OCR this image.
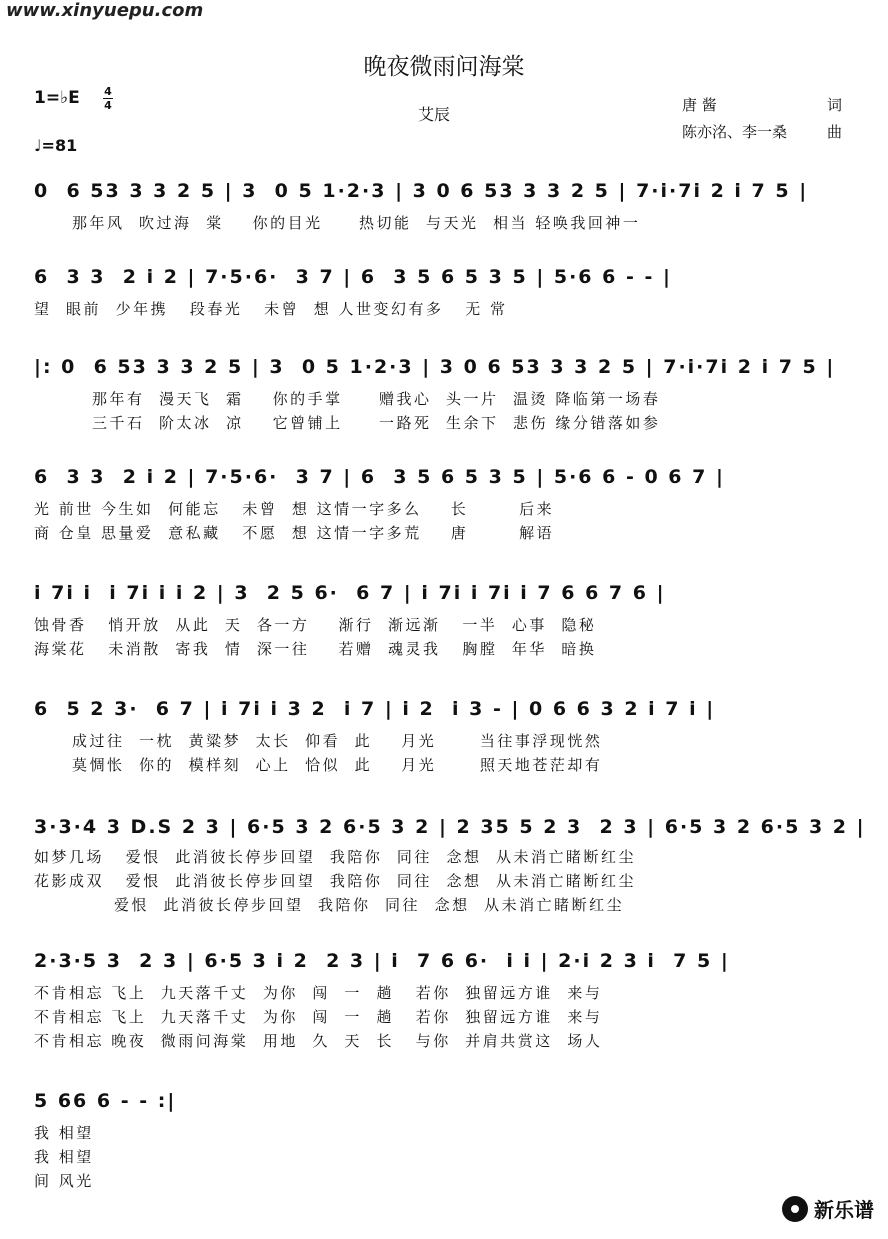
www.xinyuepu.com
晚夜微雨问海棠
1=♭E 4
4
♩=81
艾辰	唐 酱	词
陈亦洺、李一桑	曲
0  6 53 3 3 2 5 | 3  0 5 1·2·3 | 3 0 6 53 3 3 2 5 | 7·i·7i 2 i 7 5 |
那年风  吹过海  棠    你的目光     热切能  与天光  相当 轻唤我回神一
6  3 3  2 i 2 | 7·5·6·  3 7 | 6  3 5 6 5 3 5 | 5·6 6 - - |
望  眼前  少年携   段春光   未曾  想 人世变幻有多   无 常
|: 0  6 53 3 3 2 5 | 3  0 5 1·2·3 | 3 0 6 53 3 3 2 5 | 7·i·7i 2 i 7 5 |
那年有  漫天飞  霜    你的手掌     赠我心  头一片  温烫 降临第一场春
三千石  阶太冰  凉    它曾铺上     一路死  生余下  悲伤 缘分错落如参
6  3 3  2 i 2 | 7·5·6·  3 7 | 6  3 5 6 5 3 5 | 5·6 6 - 0 6 7 |
光 前世 今生如  何能忘   未曾  想 这情一字多么    长       后来
商 仓皇 思量爱  意私藏   不愿  想 这情一字多荒    唐       解语
i 7i i  i 7i i i 2 | 3  2 5 6·  6 7 | i 7i i 7i i 7 6 6 7 6 |
蚀骨香   悄开放  从此  天  各一方    渐行  渐远渐   一半  心事  隐秘
海棠花   未消散  寄我  情  深一往    若赠  魂灵我   胸膛  年华  暗换
6  5 2 3·  6 7 | i 7i i 3 2  i 7 | i 2  i 3 - | 0 6 6 3 2 i 7 i |
成过往  一枕  黄粱梦  太长  仰看  此    月光      当往事浮现恍然
莫惆怅  你的  模样刻  心上  恰似  此    月光      照天地苍茫却有
3·3·4 3 D.S 2 3 | 6·5 3 2 6·5 3 2 | 2 35 5 2 3  2 3 | 6·5 3 2 6·5 3 2 |
如梦几场   爱恨  此消彼长停步回望  我陪你  同往  念想  从未消亡睹断红尘
花影成双   爱恨  此消彼长停步回望  我陪你  同往  念想  从未消亡睹断红尘
爱恨  此消彼长停步回望  我陪你  同往  念想  从未消亡睹断红尘
2·3·5 3  2 3 | 6·5 3 i 2  2 3 | i  7 6 6·  i i | 2·i 2 3 i  7 5 |
不肯相忘 飞上  九天落千丈  为你  闯  一  趟   若你  独留远方谁  来与
不肯相忘 飞上  九天落千丈  为你  闯  一  趟   若你  独留远方谁  来与
不肯相忘 晚夜  微雨问海棠  用地  久  天  长   与你  并肩共赏这  场人
5 66 6 - - :|
我 相望
我 相望
间 风光
新乐谱
